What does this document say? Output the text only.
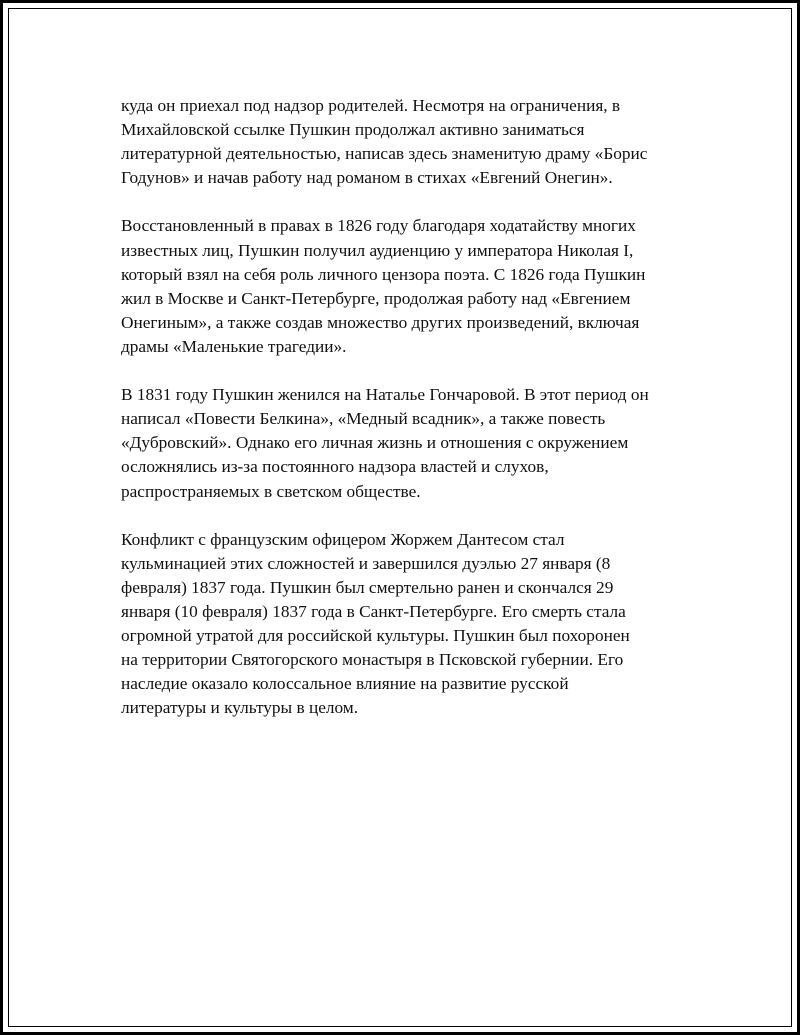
куда он приехал под надзор родителей. Несмотря на ограничения, в
Михайловской ссылке Пушкин продолжал активно заниматься
литературной деятельностью, написав здесь знаменитую драму «Борис
Годунов» и начав работу над романом в стихах «Евгений Онегин».

Восстановленный в правах в 1826 году благодаря ходатайству многих
известных лиц, Пушкин получил аудиенцию у императора Николая I,
который взял на себя роль личного цензора поэта. С 1826 года Пушкин
жил в Москве и Санкт-Петербурге, продолжая работу над «Евгением
Онегиным», а также создав множество других произведений, включая
драмы «Маленькие трагедии».

В 1831 году Пушкин женился на Наталье Гончаровой. В этот период он
написал «Повести Белкина», «Медный всадник», а также повесть
«Дубровский». Однако его личная жизнь и отношения с окружением
осложнялись из-за постоянного надзора властей и слухов,
распространяемых в светском обществе.

Конфликт с французским офицером Жоржем Дантесом стал
кульминацией этих сложностей и завершился дуэлью 27 января (8
февраля) 1837 года. Пушкин был смертельно ранен и скончался 29
января (10 февраля) 1837 года в Санкт-Петербурге. Его смерть стала
огромной утратой для российской культуры. Пушкин был похоронен
на территории Святогорского монастыря в Псковской губернии. Его
наследие оказало колоссальное влияние на развитие русской
литературы и культуры в целом.
